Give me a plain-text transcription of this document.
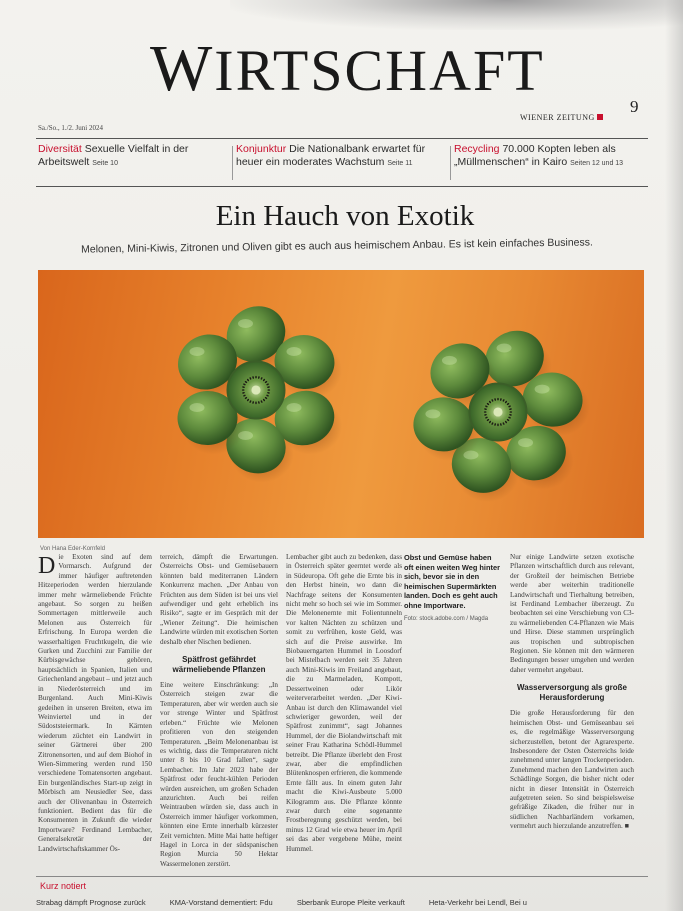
WIRTSCHAFT
Sa./So., 1./2. Juni 2024
WIENER ZEITUNG
9
Diversität Sexuelle Vielfalt in der Arbeitswelt Seite 10
Konjunktur Die Nationalbank erwartet für heuer ein moderates Wachstum Seite 11
Recycling 70.000 Kopten leben als „Müllmenschen“ in Kairo Seiten 12 und 13
Ein Hauch von Exotik
Melonen, Mini-Kiwis, Zitronen und Oliven gibt es auch aus heimischem Anbau. Es ist kein einfaches Business.
Von Hana Eder-Kornfeld

Die Exoten sind auf dem Vormarsch. Aufgrund der immer häufiger auftretenden Hitzeperioden werden hierzulande immer mehr wärmeliebende Früchte angebaut. So sorgen zu heißen Sommertagen mittlerweile auch Melonen aus Österreich für Erfrischung. In Europa werden die wasserhaltigen Fruchtkugeln, die wie Gurken und Zucchini zur Familie der Kürbisgewächse gehören, hauptsächlich in Spanien, Italien und Griechenland angebaut – und jetzt auch in Niederösterreich und im Burgenland. Auch Mini-Kiwis gedeihen in unseren Breiten, etwa im Weinviertel und in der Südoststeiermark. In Kärnten wiederum züchtet ein Landwirt in seiner Gärtnerei über 200 Zitronensorten, und auf dem Biohof in Wien-Simmering werden rund 150 verschiedene Tomatensorten angebaut. Ein burgenländisches Start-up zeigt in Mörbisch am Neusiedler See, dass auch der Olivenanbau in Österreich funktioniert. Bedient das für die Konsumenten in Zukunft die wieder Importware? Ferdinand Lembacher, Generalsekretär der Landwirtschaftskammer Ös-

terreich, dämpft die Erwartungen. Österreichs Obst- und Gemüsebauern könnten bald mediterranen Ländern Konkurrenz machen. „Der Anbau von Früchten aus dem Süden ist bei uns viel aufwendiger und geht erheblich ins Risiko“, sagte er im Gespräch mit der „Wiener Zeitung“. Die heimischen Landwirte würden mit exotischen Sorten deshalb eher Nischen bedienen.

Spätfrost gefährdet wärmeliebende Pflanzen

Eine weitere Einschränkung: „In Österreich steigen zwar die Temperaturen, aber wir werden auch sie vor strenge Winter und Spätfrost erleben.“ Früchte wie Melonen profitieren von den steigenden Temperaturen. „Beim Melonenanbau ist es wichtig, dass die Temperaturen nicht unter 8 bis 10 Grad fallen“, sagte Lembacher. Im Jahr 2023 habe der Spätfrost oder feucht-kühlen Perioden würden ausreichen, um großen Schaden anzurichten. Auch bei reifen Weintrauben würden sie, dass auch in Österreich immer häufiger vorkommen, könnten eine Ernte innerhalb kürzester Zeit vernichten. Mitte Mai hatte heftiger Hagel in Lorca in der südspanischen Region Murcia 50 Hektar Wassermelonen zerstört.

Lembacher gibt auch zu bedenken, dass in Österreich später geerntet werde als in Südeuropa. Oft gehe die Ernte bis in den Herbst hinein, wo dann die Nachfrage seitens der Konsumenten nicht mehr so hoch sei wie im Sommer. Die Melonenernte mit Folientunneln vor kalten Nächten zu schützen und somit zu verfrühen, koste Geld, was sich auf die Preise auswirke. Im Biobauerngarten Hummel in Loosdorf bei Mistelbach werden seit 35 Jahren auch Mini-Kiwis im Freiland angebaut, die zu Marmeladen, Kompott, Dessertweinen oder Likör weiterverarbeitet werden. „Der Kiwi-Anbau ist durch den Klimawandel viel schwieriger geworden, weil der Spätfrost zunimmt“, sagt Johannes Hummel, der die Biolandwirtschaft mit seiner Frau Katharina Schödl-Hummel betreibt. Die Pflanze überlebt den Frost zwar, aber die empfindlichen Blütenknospen erfrieren, die kommende Ernte fällt aus. In einem guten Jahr macht die Kiwi-Ausbeute 5.000 Kilogramm aus. Die Pflanze könnte zwar durch eine sogenannte Frostberegnung geschützt werden, bei minus 12 Grad wie etwa heuer im April sei das aber vergebene Mühe, meint Hummel.

Obst und Gemüse haben oft einen weiten Weg hinter sich, bevor sie in den heimischen Supermärkten landen. Doch es geht auch ohne Importware.
Foto: stock.adobe.com / Magda

Nur einige Landwirte setzen exotische Pflanzen wirtschaftlich durch aus relevant, der Großteil der heimischen Betriebe werde aber weiterhin traditionelle Landwirtschaft und Tierhaltung betreiben, ist Ferdinand Lembacher überzeugt. Zu beobachten sei eine Verschiebung von C3- zu wärmeliebenden C4-Pflanzen wie Mais und Hirse. Diese stammen ursprünglich aus tropischen und subtropischen Regionen. Sie können mit den wärmeren Bedingungen besser umgehen und werden daher vermehrt angebaut.

Wasserversorgung als große Herausforderung

Die große Herausforderung für den heimischen Obst- und Gemüseanbau sei es, die regelmäßige Wasserversorgung sicherzustellen, betont der Agrarexperte. Insbesondere der Osten Österreichs leide zunehmend unter langen Trockenperioden. Zunehmend machen den Landwirten auch Schädlinge Sorgen, die bisher nicht oder nicht in dieser Intensität in Österreich aufgetreten seien. So sind beispielsweise gefräßige Zikaden, die früher nur in südlichen Nachbarländern vorkamen, vermehrt auch hierzulande anzutreffen. ■

Kurz notiert
Strabag dämpft Prognose zurück	KMA-Vorstand dementiert: Fdu	Sberbank Europe Pleite verkauft	Heta-Verkehr bei Lendl, Bei u
